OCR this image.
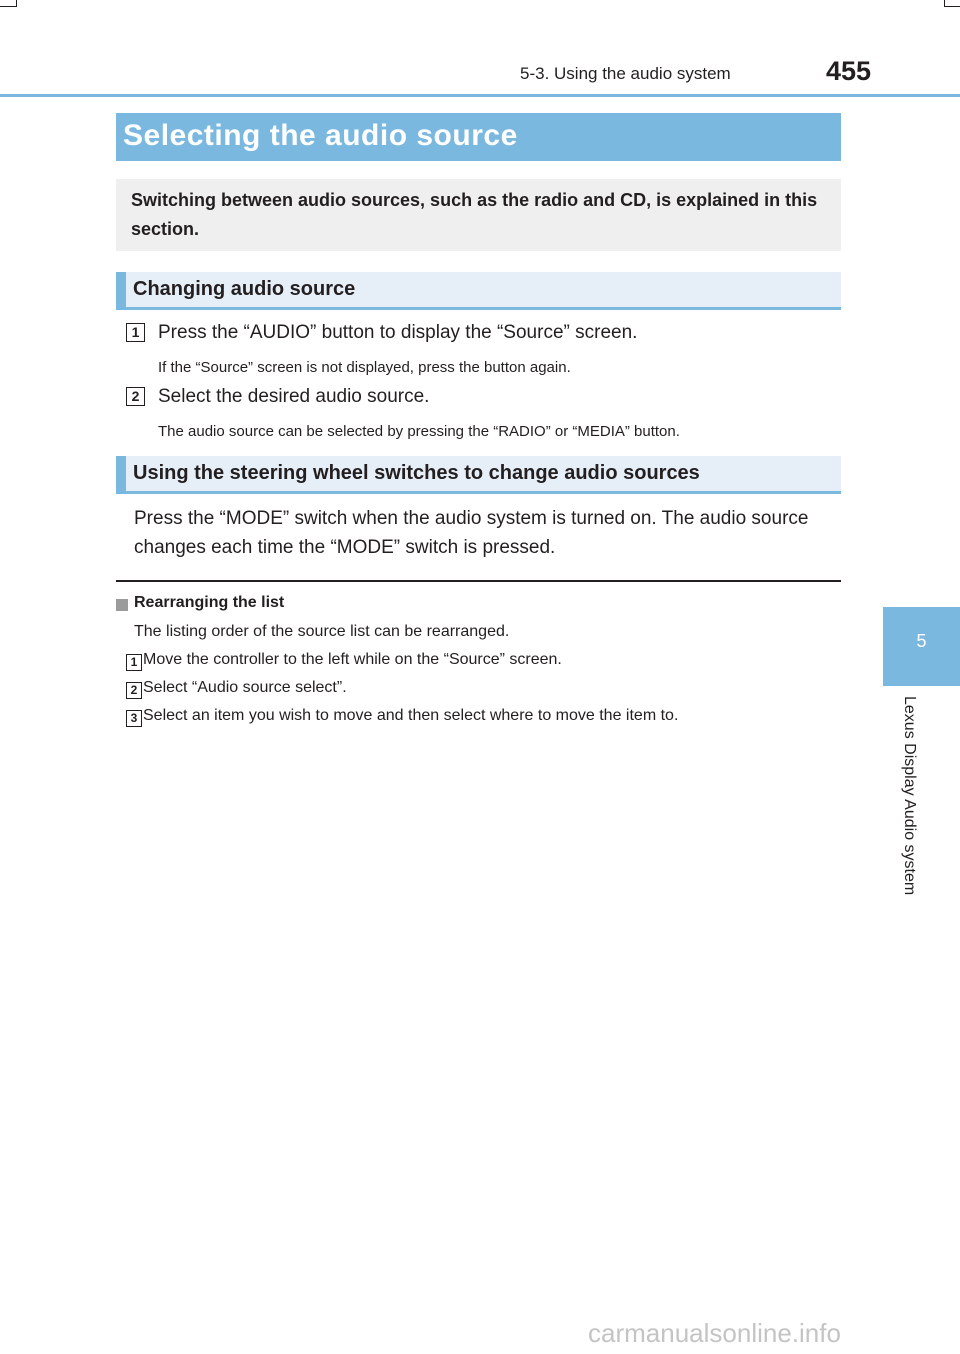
5-3. Using the audio system	455
5
Lexus Display Audio system
Selecting the audio source
Switching between audio sources, such as the radio and CD, is explained in this section.
Changing audio source
1 Press the “AUDIO” button to display the “Source” screen.
If the “Source” screen is not displayed, press the button again.
2 Select the desired audio source.
The audio source can be selected by pressing the “RADIO” or “MEDIA” button.
Using the steering wheel switches to change audio sources
Press the “MODE” switch when the audio system is turned on. The audio source changes each time the “MODE” switch is pressed.
Rearranging the list
The listing order of the source list can be rearranged.
1 Move the controller to the left while on the “Source” screen.
2 Select “Audio source select”.
3 Select an item you wish to move and then select where to move the item to.
carmanualsonline.info
